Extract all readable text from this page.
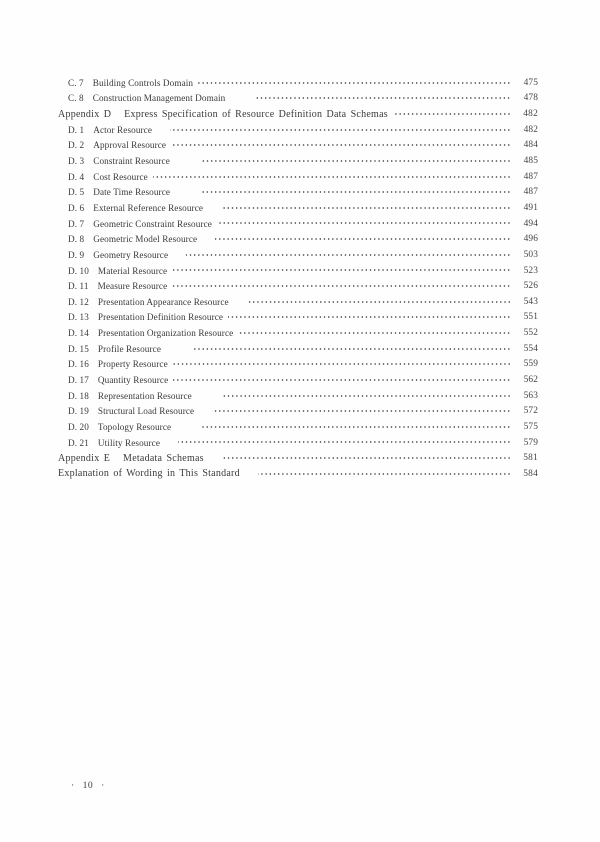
C. 7 Building Controls Domain	475
C. 8 Construction Management Domain	478
Appendix D Express Specification of Resource Definition Data Schemas	482
D. 1 Actor Resource	482
D. 2 Approval Resource	484
D. 3 Constraint Resource	485
D. 4 Cost Resource	487
D. 5 Date Time Resource	487
D. 6 External Reference Resource	491
D. 7 Geometric Constraint Resource	494
D. 8 Geometric Model Resource	496
D. 9 Geometry Resource	503
D. 10 Material Resource	523
D. 11 Measure Resource	526
D. 12 Presentation Appearance Resource	543
D. 13 Presentation Definition Resource	551
D. 14 Presentation Organization Resource	552
D. 15 Profile Resource	554
D. 16 Property Resource	559
D. 17 Quantity Resource	562
D. 18 Representation Resource	563
D. 19 Structural Load Resource	572
D. 20 Topology Resource	575
D. 21 Utility Resource	579
Appendix E Metadata Schemas	581
Explanation of Wording in This Standard	584
· 10 ·
